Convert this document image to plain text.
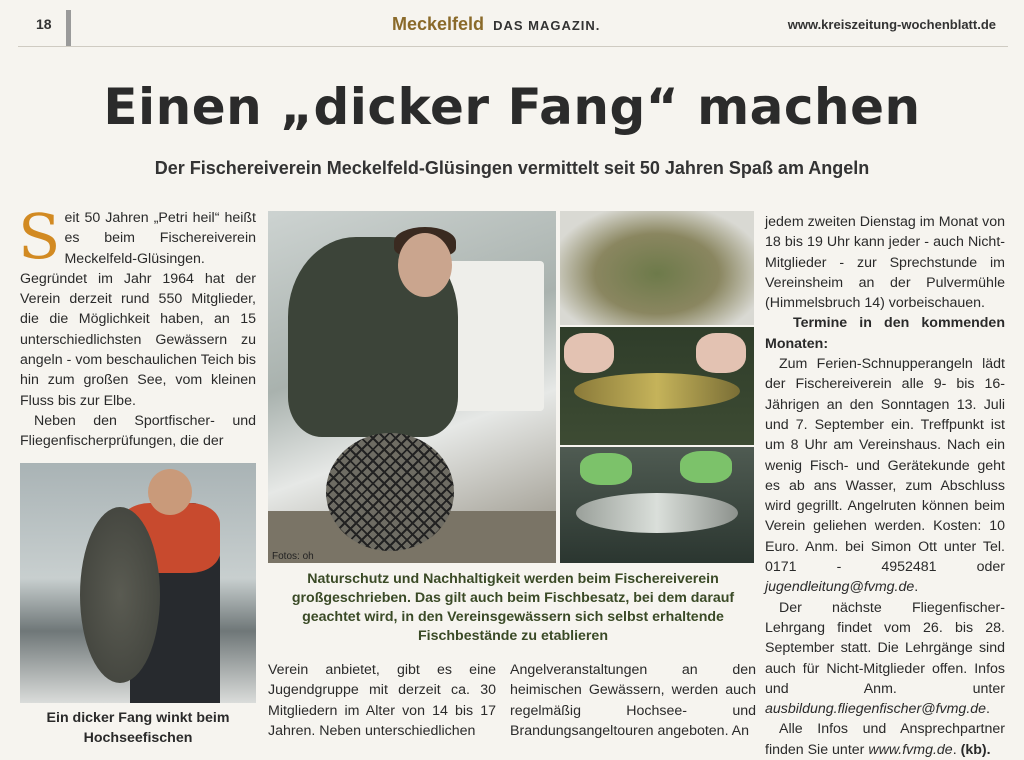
18	Meckelfeld DAS MAGAZIN.	www.kreiszeitung-wochenblatt.de
Einen „dicker Fang“ machen
Der Fischereiverein Meckelfeld-Glüsingen vermittelt seit 50 Jahren Spaß am Angeln

S eit 50 Jahren „Petri heil“ heißt es beim Fischereiverein Meckelfeld-Glüsingen. Gegründet im Jahr 1964 hat der Verein derzeit rund 550 Mitglieder, die die Möglichkeit haben, an 15 unterschiedlichsten Gewässern zu angeln - vom beschaulichen Teich bis hin zum großen See, vom kleinen Fluss bis zur Elbe.

Neben den Sportfischer- und Fliegenfischerprüfungen, die der

Ein dicker Fang winkt beim Hochseefischen
Fotos: oh
Naturschutz und Nachhaltigkeit werden beim Fischereiverein großgeschrieben. Das gilt auch beim Fischbesatz, bei dem darauf geachtet wird, in den Vereinsgewässern sich selbst erhaltende Fischbestände zu etablieren

Verein anbietet, gibt es eine Jugendgruppe mit derzeit ca. 30 Mitgliedern im Alter von 14 bis 17 Jahren. Neben unterschiedlichen

Angelveranstaltungen an den heimischen Gewässern, werden auch regelmäßig Hochsee- und Brandungsangeltouren angeboten. An

jedem zweiten Dienstag im Monat von 18 bis 19 Uhr kann jeder - auch Nicht-Mitglieder - zur Sprechstunde im Vereinsheim an der Pulvermühle (Himmelsbruch 14) vorbeischauen.

Termine in den kommenden Monaten:

Zum Ferien-Schnupperangeln lädt der Fischereiverein alle 9- bis 16-Jährigen an den Sonntagen 13. Juli und 7. September ein. Treffpunkt ist um 8 Uhr am Vereinshaus. Nach ein wenig Fisch- und Gerätekunde geht es ab ans Wasser, zum Abschluss wird gegrillt. Angelruten können beim Verein geliehen werden. Kosten: 10 Euro. Anm. bei Simon Ott unter Tel. 0171 - 4952481 oder jugendleitung@fvmg.de.

Der nächste Fliegenfischer-Lehrgang findet vom 26. bis 28. September statt. Die Lehrgänge sind auch für Nicht-Mitglieder offen. Infos und Anm. unter ausbildung.fliegenfischer@fvmg.de.

Alle Infos und Ansprechpartner finden Sie unter www.fvmg.de. (kb).
